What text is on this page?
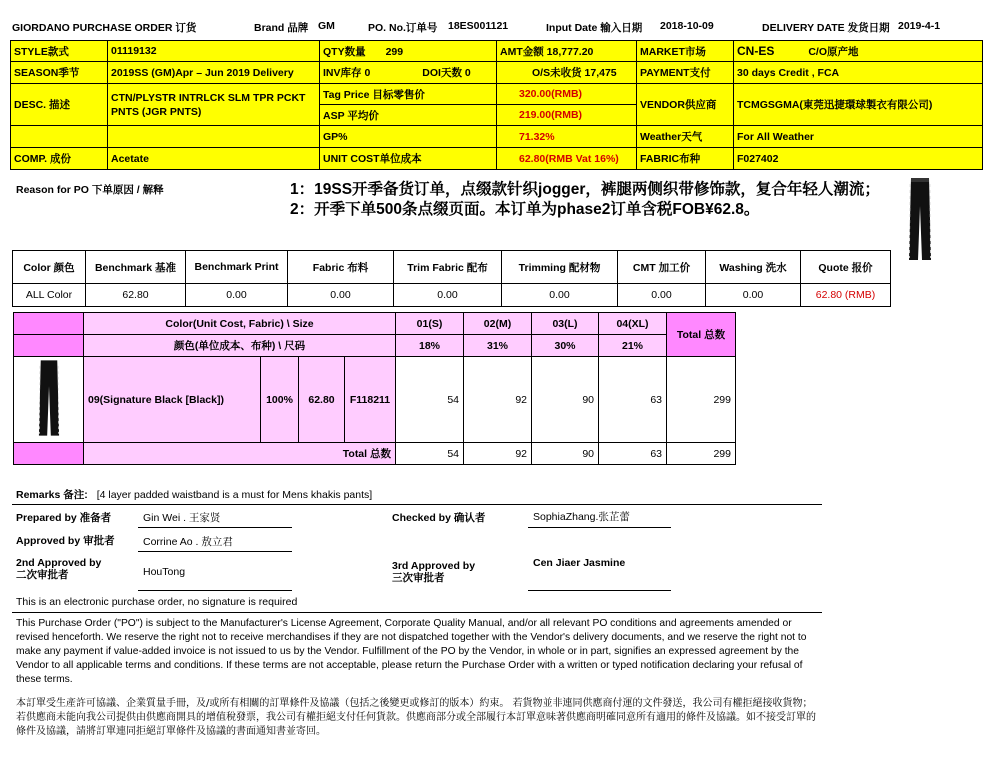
GIORDANO PURCHASE ORDER 订货	Brand 品牌 GM	PO. No.订单号 18ES001121	Input Date 输入日期 2018-10-09	DELIVERY DATE 发货日期 2019-4-1
STYLE款式	01119132	QTY数量 299	AMT金额 18,777.20	MARKET市场	CN-ES C/O原产地
SEASON季节	2019SS (GM)Apr – Jun 2019 Delivery	INV库存 0 DOI天数 0	O/S未收货 17,475	PAYMENT支付	30 days Credit , FCA
DESC. 描述	CTN/PLYSTR INTRLCK SLM TPR PCKT PNTS (JGR PNTS)	Tag Price 目标零售价	320.00(RMB)	VENDOR供应商	TCMGSGMA(東莞迅捷環球製衣有限公司)
		ASP 平均价	219.00(RMB)		
		GP%	71.32%	Weather天气	For All Weather
COMP. 成份	Acetate	UNIT COST单位成本	62.80(RMB Vat 16%)	FABRIC布种	F027402
Reason for PO 下单原因 / 解释	1：19SS开季备货订单，点缀款针织jogger，裤腿两侧织带修饰款，复合年轻人潮流；
2：开季下单500条点缀页面。本订单为phase2订单含税FOB¥62.8。
Color 颜色	Benchmark 基准	Benchmark Print	Fabric 布料	Trim Fabric 配布	Trimming 配材物	CMT 加工价	Washing 洗水	Quote 报价
ALL Color	62.80	0.00	0.00	0.00	0.00	0.00	0.00	62.80 (RMB)
	Color(Unit Cost, Fabric) \ Size				01(S)	02(M)	03(L)	04(XL)	Total 总数
	颜色(单位成本、布种) \ 尺码				18%	31%	30%	21%	
	09(Signature Black [Black])	100%	62.80	F118211	54	92	90	63	299
	Total 总数				54	92	90	63	299
Remarks 备注: [4 layer padded waistband is a must for Mens khakis pants]
Prepared by 准备者	Gin Wei . 王家贤	Checked by 确认者	SophiaZhang.张芷蕾
Approved by 审批者	Corrine Ao . 敖立君
2nd Approved by
二次审批者	HouTong	3rd Approved by
三次审批者
Cen Jiaer Jasmine
This is an electronic purchase order, no signature is required
This Purchase Order ("PO") is subject to the Manufacturer's License Agreement, Corporate Quality Manual, and/or all relevant PO conditions and agreements amended or revised henceforth. We reserve the right not to receive merchandises if they are not dispatched together with the Vendor's delivery documents, and we reserve the right not to make any payment if value-added invoice is not issued to us by the Vendor. Fulfillment of the PO by the Vendor, in whole or in part, signifies an expressed agreement by the Vendor to all applicable terms and conditions. If these terms are not acceptable, please return the Purchase Order with a written or typed notification declaring your refusal of these terms.
本訂單受生產許可協議、企業質量手冊，及/或所有相關的訂單條件及協議（包括之後變更或修訂的版本）約束。 若貨物並非連同供應商付運的文件發送，我公司有權拒絕接收貨物；若供應商未能向我公司提供由供應商開具的增值稅發票，我公司有權拒絕支付任何貨款。供應商部分或全部履行本訂單意味著供應商明確同意所有適用的條件及協議。如不接受訂單的條件及協議，請將訂單連同拒絕訂單條件及協議的書面通知書並寄回。
